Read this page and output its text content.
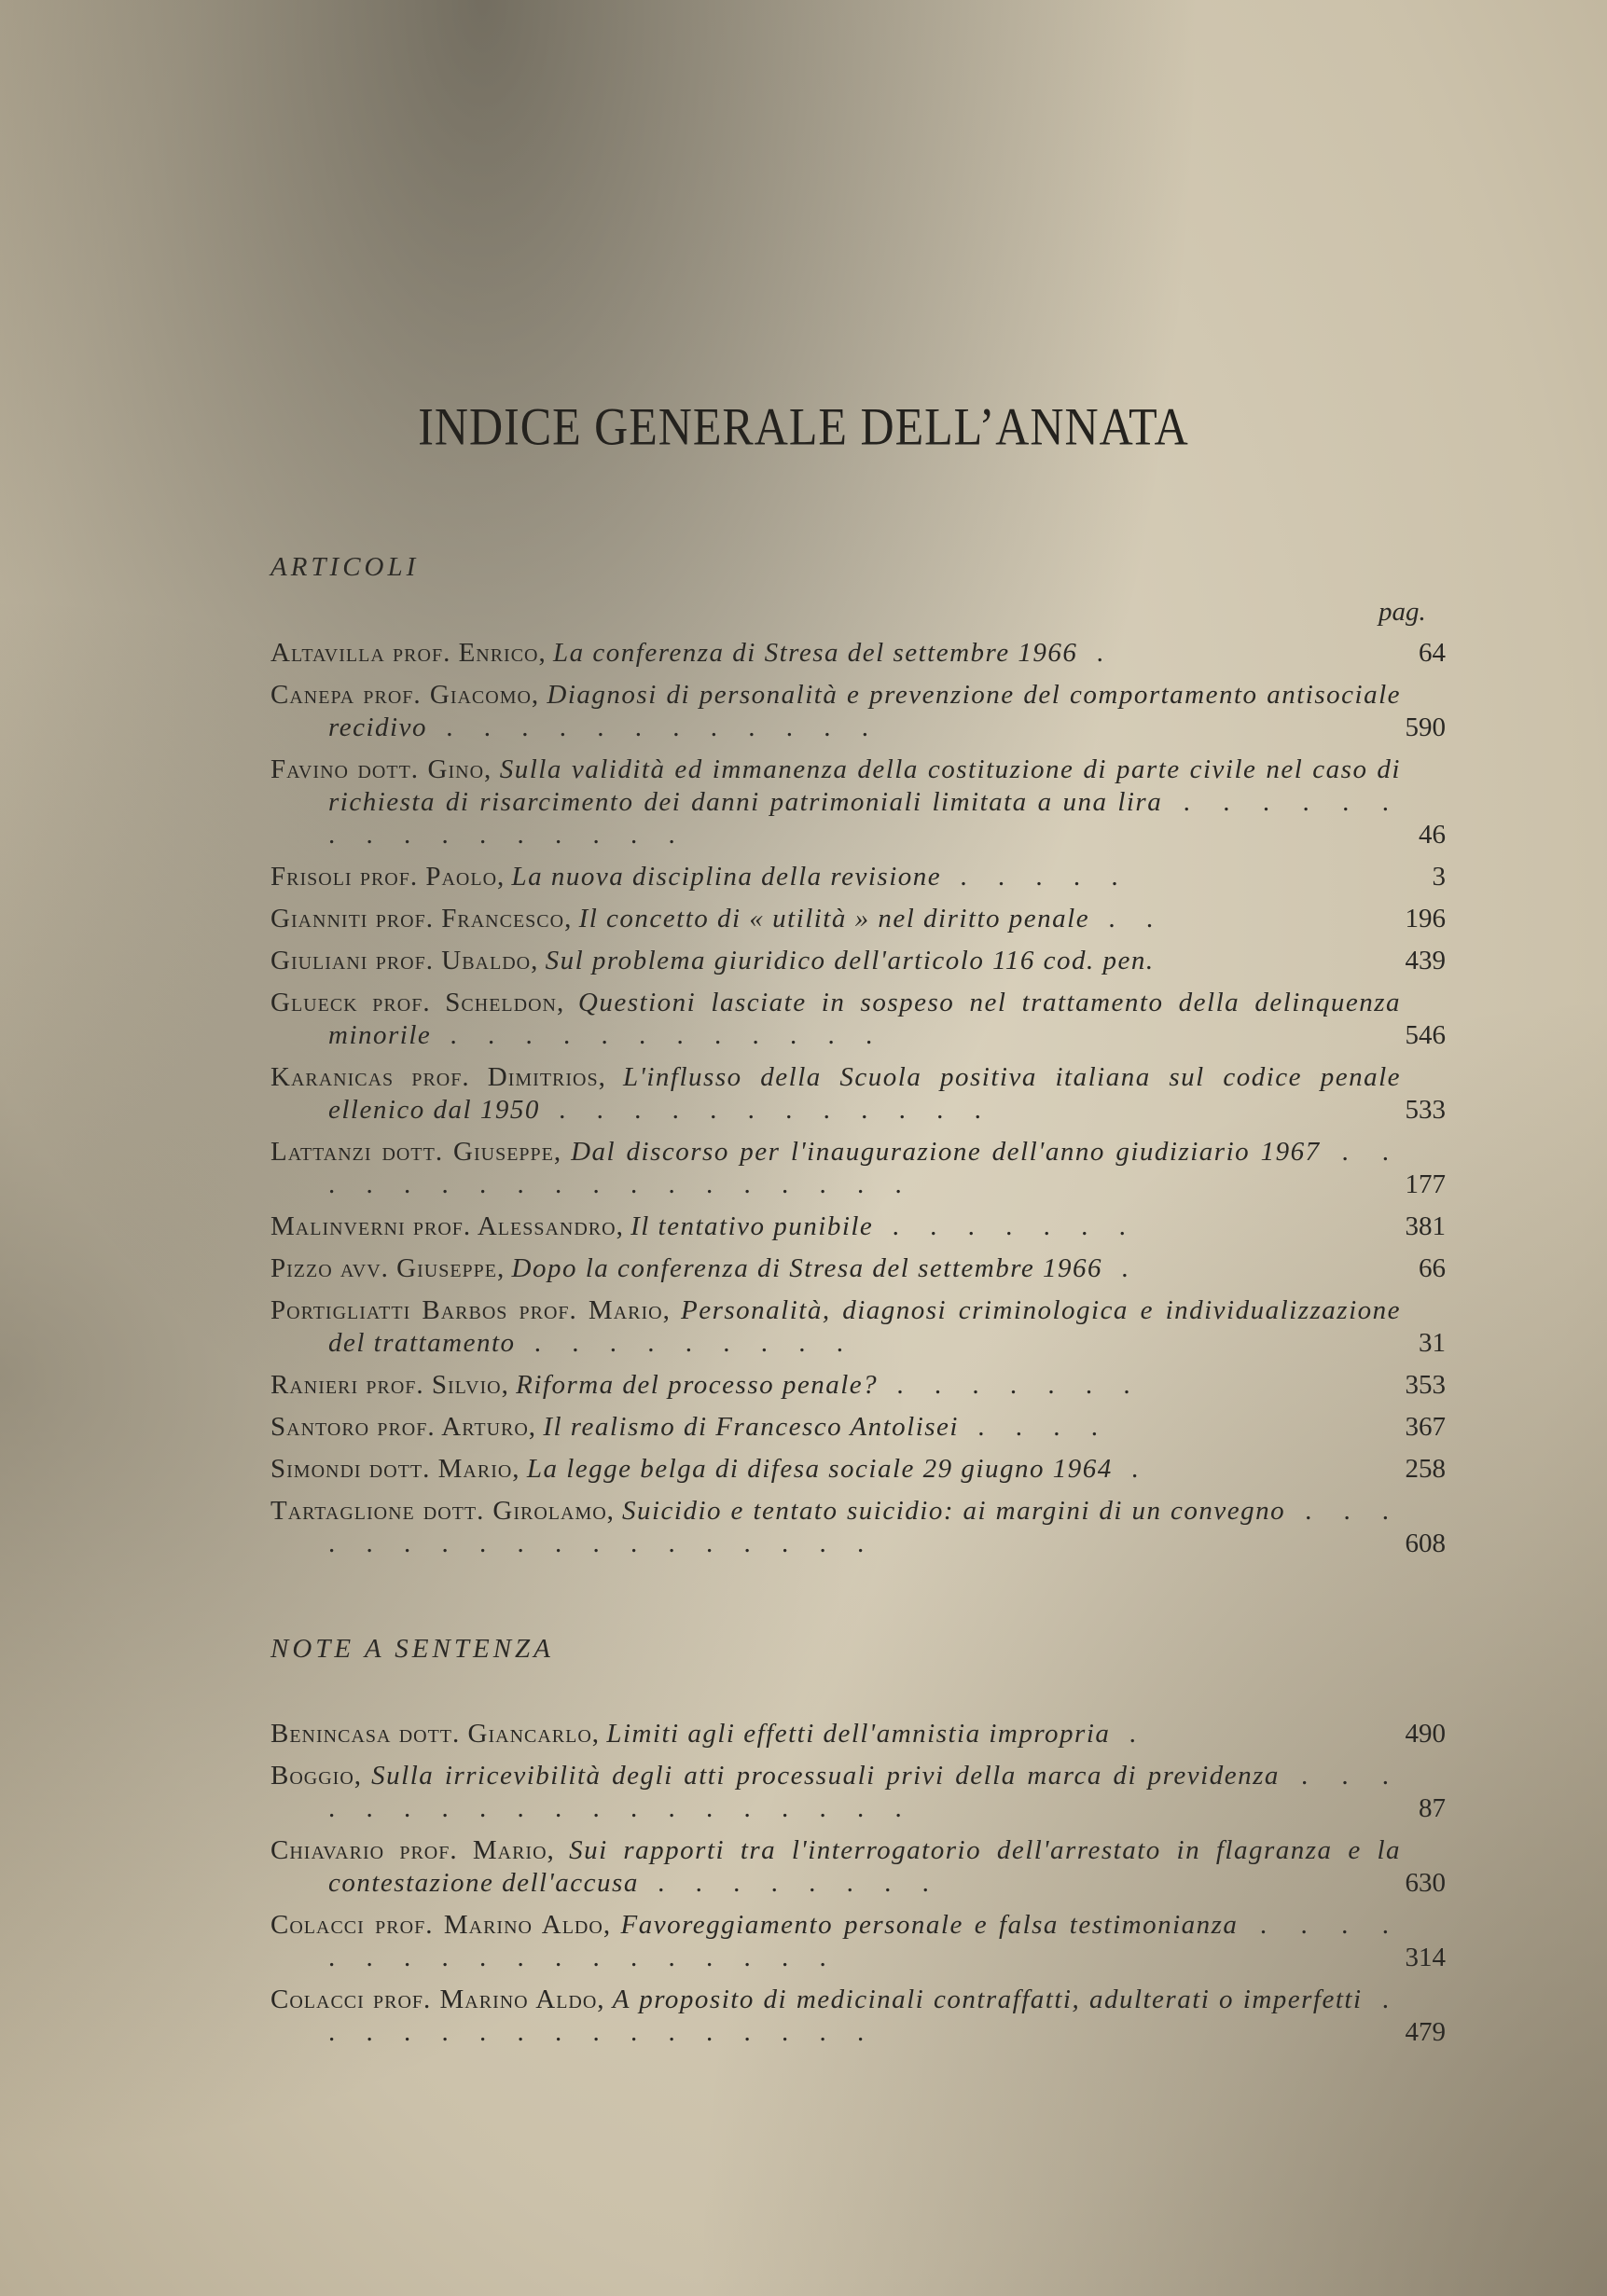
INDICE GENERALE DELL’ANNATA
ARTICOLI
pag.
Altavilla prof. Enrico, La conferenza di Stresa del settembre 1966 .	64
Canepa prof. Giacomo, Diagnosi di personalità e prevenzione del comportamento antisociale recidivo . . . . . . . . . . . .	590
Favino dott. Gino, Sulla validità ed immanenza della costituzione di parte civile nel caso di richiesta di risarcimento dei danni patrimoniali limitata a una lira . . . . . . . . . . . . . . . .	46
Frisoli prof. Paolo, La nuova disciplina della revisione . . . . .	3
Gianniti prof. Francesco, Il concetto di « utilità » nel diritto penale . .	196
Giuliani prof. Ubaldo, Sul problema giuridico dell'articolo 116 cod. pen.	439
Glueck prof. Scheldon, Questioni lasciate in sospeso nel trattamento della delinquenza minorile . . . . . . . . . . . .	546
Karanicas prof. Dimitrios, L'influsso della Scuola positiva italiana sul codice penale ellenico dal 1950 . . . . . . . . . . . .	533
Lattanzi dott. Giuseppe, Dal discorso per l'inaugurazione dell'anno giudiziario 1967 . . . . . . . . . . . . . . . . . .	177
Malinverni prof. Alessandro, Il tentativo punibile . . . . . . .	381
Pizzo avv. Giuseppe, Dopo la conferenza di Stresa del settembre 1966 .	66
Portigliatti Barbos prof. Mario, Personalità, diagnosi criminologica e individualizzazione del trattamento . . . . . . . . .	31
Ranieri prof. Silvio, Riforma del processo penale? . . . . . . .	353
Santoro prof. Arturo, Il realismo di Francesco Antolisei . . . .	367
Simondi dott. Mario, La legge belga di difesa sociale 29 giugno 1964 .	258
Tartaglione dott. Girolamo, Suicidio e tentato suicidio: ai margini di un convegno . . . . . . . . . . . . . . . . . .	608
NOTE A SENTENZA
Benincasa dott. Giancarlo, Limiti agli effetti dell'amnistia impropria .	490
Boggio, Sulla irricevibilità degli atti processuali privi della marca di previdenza . . . . . . . . . . . . . . . . . . .	87
Chiavario prof. Mario, Sui rapporti tra l'interrogatorio dell'arrestato in flagranza e la contestazione dell'accusa . . . . . . . .	630
Colacci prof. Marino Aldo, Favoreggiamento personale e falsa testimonianza . . . . . . . . . . . . . . . . . .	314
Colacci prof. Marino Aldo, A proposito di medicinali contraffatti, adulterati o imperfetti . . . . . . . . . . . . . . . .	479
